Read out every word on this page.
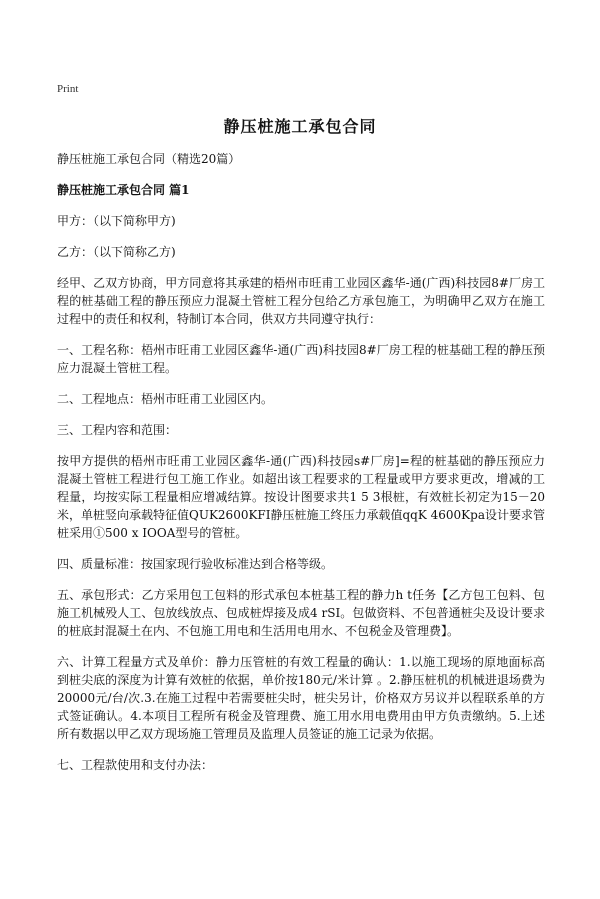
Print
静压桩施工承包合同

静压桩施工承包合同（精选20篇）

静压桩施工承包合同 篇1

甲方：（以下简称甲方)

乙方：（以下简称乙方)

经甲、乙双方协商，甲方同意将其承建的梧州市旺甫工业园区鑫华-通(广西)科技园8#厂房工程的桩基础工程的静压预应力混凝土管桩工程分包给乙方承包施工，为明确甲乙双方在施工过程中的责任和权利，特制订本合同，供双方共同遵守执行：

一、工程名称：梧州市旺甫工业园区鑫华-通(广西)科技园8#厂房工程的桩基础工程的静压预应力混凝土管桩工程。

二、工程地点：梧州市旺甫工业园区内。

三、工程内容和范围：

按甲方提供的梧州市旺甫工业园区鑫华-通(广西)科技园s#厂房]=程的桩基础的静压预应力混凝土管桩工程进行包工施工作业。如超出该工程要求的工程量或甲方要求更改，增减的工程量，均按实际工程量相应增减结算。按设计图要求共1 5 3根桩，有效桩长初定为15－20米，单桩竖向承载特征值QUK2600KFI静压桩施工终压力承载值qqK 4600Kpa设计要求管桩采用①500 x IOOA型号的管桩。

四、质量标准：按国家现行验收标准达到合格等级。

五、承包形式：乙方采用包工包料的形式承包本桩基工程的静力h t任务【乙方包工包料、包施工机械殁人工、包放线放点、包成桩焊接及成4 rSI。包做资料、不包普通桩尖及设计要求的桩底封混凝土在内、不包施工用电和生活用电用水、不包税金及管理费】。

六、计算工程量方式及单价：静力压管桩的有效工程量的确认：1.以施工现场的原地面标高到桩尖底的深度为计算有效桩的依据，单价按180元/米计算 。2.静压桩机的机械进退场费为20000元/台/次.3.在施工过程中若需要桩尖时，桩尖另计，价格双方另议并以程联系单的方式签证确认。4.本项目工程所有税金及管理费、施工用水用电费用由甲方负责缴纳。5.上述所有数据以甲乙双方现场施工管理员及监理人员签证的施工记录为依据。

七、工程款使用和支付办法：
